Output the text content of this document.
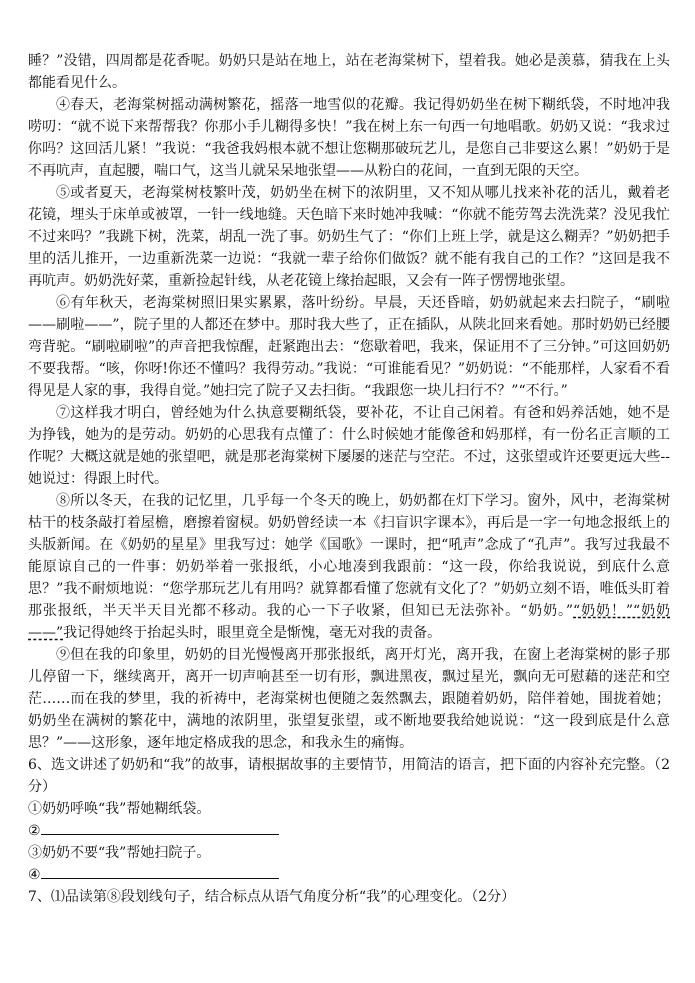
睡？”没错，四周都是花香呢。奶奶只是站在地上，站在老海棠树下，望着我。她必是羡慕，猜我在上头都能看见什么。

④春天，老海棠树摇动满树繁花，摇落一地雪似的花瓣。我记得奶奶坐在树下糊纸袋，不时地冲我唠叨：“就不说下来帮帮我？你那小手儿糊得多快！”我在树上东一句西一句地唱歌。奶奶又说：“我求过你吗？这回活儿紧！”我说：“我爸我妈根本就不想让您糊那破玩艺儿，是您自己非要这么累！”奶奶于是不再吭声，直起腰，喘口气，这当儿就呆呆地张望——从粉白的花间，一直到无限的天空。

⑤或者夏天，老海棠树枝繁叶茂，奶奶坐在树下的浓阴里，又不知从哪儿找来补花的活儿，戴着老花镜，埋头于床单或被罩，一针一线地缝。天色暗下来时她冲我喊：“你就不能劳驾去洗洗菜？没见我忙不过来吗？”我跳下树，洗菜，胡乱一洗了事。奶奶生气了：“你们上班上学，就是这么糊弄？”奶奶把手里的活儿推开，一边重新洗菜一边说：“我就一辈子给你们做饭？就不能有我自己的工作？”这回是我不再吭声。奶奶洗好菜，重新捡起针线，从老花镜上缘抬起眼，又会有一阵子愣愣地张望。

⑥有年秋天，老海棠树照旧果实累累，落叶纷纷。早晨，天还昏暗，奶奶就起来去扫院子，“刷啦——刷啦——”，院子里的人都还在梦中。那时我大些了，正在插队，从陕北回来看她。那时奶奶已经腰弯背驼。“刷啦刷啦”的声音把我惊醒，赶紧跑出去：“您歇着吧，我来，保证用不了三分钟。”可这回奶奶不要我帮。“咳，你呀!你还不懂吗？我得劳动。”我说：“可谁能看见？”奶奶说：“不能那样，人家看不看得见是人家的事，我得自觉。”她扫完了院子又去扫街。“我跟您一块儿扫行不？”“不行。”

⑦这样我才明白，曾经她为什么执意要糊纸袋，要补花，不让自己闲着。有爸和妈养活她，她不是为挣钱，她为的是劳动。奶奶的心思我有点懂了：什么时候她才能像爸和妈那样，有一份名正言顺的工作呢？大概这就是她的张望吧，就是那老海棠树下屡屡的迷茫与空茫。不过，这张望或许还要更远大些--她说过：得跟上时代。

⑧所以冬天，在我的记忆里，几乎每一个冬天的晚上，奶奶都在灯下学习。窗外，风中，老海棠树枯干的枝条敲打着屋檐，磨擦着窗棂。奶奶曾经读一本《扫盲识字课本》，再后是一字一句地念报纸上的头版新闻。在《奶奶的星星》里我写过：她学《国歌》一课时，把“吼声”念成了“孔声”。我写过我最不能原谅自己的一件事：奶奶举着一张报纸，小心地凑到我跟前：“这一段，你给我说说，到底什么意思？”我不耐烦地说：“您学那玩艺儿有用吗？就算都看懂了您就有文化了？”奶奶立刻不语，唯低头盯着那张报纸，半天半天目光都不移动。我的心一下子收紧，但知已无法弥补。“奶奶。”“奶奶！”“奶奶——”我记得她终于抬起头时，眼里竟全是惭愧，毫无对我的责备。

⑨但在我的印象里，奶奶的目光慢慢离开那张报纸，离开灯光，离开我，在窗上老海棠树的影子那儿停留一下，继续离开，离开一切声响甚至一切有形，飘进黑夜，飘过星光，飘向无可慰藉的迷茫和空茫……而在我的梦里，我的祈祷中，老海棠树也便随之轰然飘去，跟随着奶奶，陪伴着她，围拢着她；奶奶坐在满树的繁花中，满地的浓阴里，张望复张望，或不断地要我给她说说：“这一段到底是什么意思？”——这形象，逐年地定格成我的思念，和我永生的痛悔。

6、选文讲述了奶奶和“我”的故事，请根据故事的主要情节，用简洁的语言，把下面的内容补充完整。（2分）

①奶奶呼唤“我”帮她糊纸袋。

②

③奶奶不要“我”帮她扫院子。

④

7、⑴品读第⑧段划线句子，结合标点从语气角度分析“我”的心理变化。（2分）
